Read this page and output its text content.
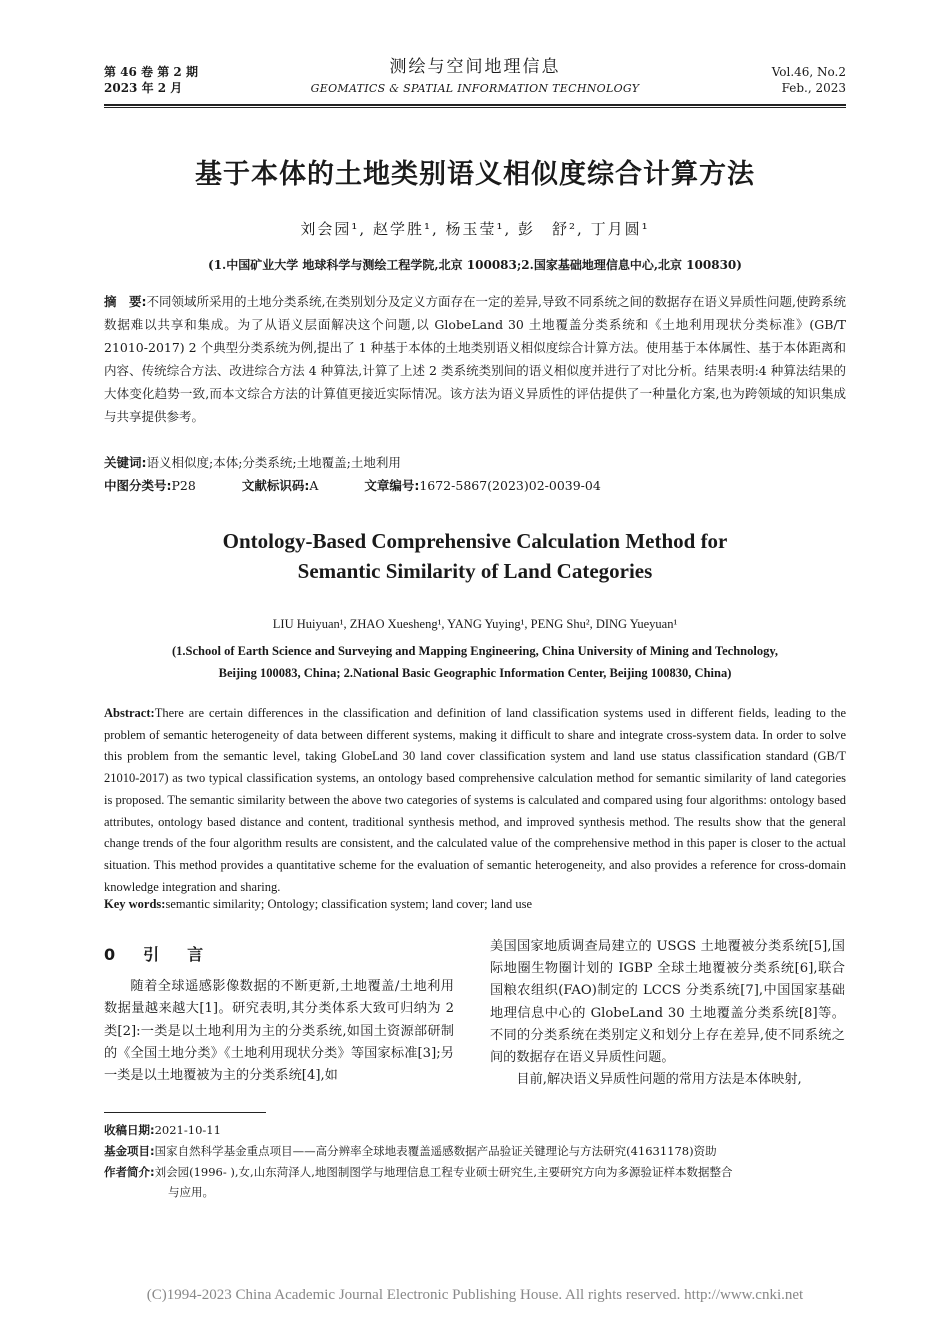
第 46 卷 第 2 期
2023 年 2 月
测绘与空间地理信息
GEOMATICS & SPATIAL INFORMATION TECHNOLOGY
Vol.46, No.2
Feb., 2023
基于本体的土地类别语义相似度综合计算方法
刘会园¹, 赵学胜¹, 杨玉莹¹, 彭　舒², 丁月圆¹
(1.中国矿业大学 地球科学与测绘工程学院,北京 100083;2.国家基础地理信息中心,北京 100830)
摘　要:不同领域所采用的土地分类系统,在类别划分及定义方面存在一定的差异,导致不同系统之间的数据存在语义异质性问题,使跨系统数据难以共享和集成。为了从语义层面解决这个问题,以 GlobeLand 30 土地覆盖分类系统和《土地利用现状分类标准》(GB/T 21010-2017) 2 个典型分类系统为例,提出了 1 种基于本体的土地类别语义相似度综合计算方法。使用基于本体属性、基于本体距离和内容、传统综合方法、改进综合方法 4 种算法,计算了上述 2 类系统类别间的语义相似度并进行了对比分析。结果表明:4 种算法结果的大体变化趋势一致,而本文综合方法的计算值更接近实际情况。该方法为语义异质性的评估提供了一种量化方案,也为跨领域的知识集成与共享提供参考。
关键词:语义相似度;本体;分类系统;土地覆盖;土地利用
中图分类号:P28	文献标识码:A	文章编号:1672-5867(2023)02-0039-04
Ontology-Based Comprehensive Calculation Method for
Semantic Similarity of Land Categories
LIU Huiyuan¹, ZHAO Xuesheng¹, YANG Yuying¹, PENG Shu², DING Yueyuan¹
(1.School of Earth Science and Surveying and Mapping Engineering, China University of Mining and Technology,
Beijing 100083, China; 2.National Basic Geographic Information Center, Beijing 100830, China)
Abstract:There are certain differences in the classification and definition of land classification systems used in different fields, leading to the problem of semantic heterogeneity of data between different systems, making it difficult to share and integrate cross-system data. In order to solve this problem from the semantic level, taking GlobeLand 30 land cover classification system and land use status classification standard (GB/T 21010-2017) as two typical classification systems, an ontology based comprehensive calculation method for semantic similarity of land categories is proposed. The semantic similarity between the above two categories of systems is calculated and compared using four algorithms: ontology based attributes, ontology based distance and content, traditional synthesis method, and improved synthesis method. The results show that the general change trends of the four algorithm results are consistent, and the calculated value of the comprehensive method in this paper is closer to the actual situation. This method provides a quantitative scheme for the evaluation of semantic heterogeneity, and also provides a reference for cross-domain knowledge integration and sharing.
Key words:semantic similarity; Ontology; classification system; land cover; land use
0　引　言
随着全球遥感影像数据的不断更新,土地覆盖/土地利用数据量越来越大[1]。研究表明,其分类体系大致可归纳为 2 类[2]:一类是以土地利用为主的分类系统,如国土资源部研制的《全国土地分类》《土地利用现状分类》等国家标准[3];另一类是以土地覆被为主的分类系统[4],如
美国国家地质调查局建立的 USGS 土地覆被分类系统[5],国际地圈生物圈计划的 IGBP 全球土地覆被分类系统[6],联合国粮农组织(FAO)制定的 LCCS 分类系统[7],中国国家基础地理信息中心的 GlobeLand 30 土地覆盖分类系统[8]等。不同的分类系统在类别定义和划分上存在差异,使不同系统之间的数据存在语义异质性问题。
目前,解决语义异质性问题的常用方法是本体映射,
收稿日期:2021-10-11
基金项目:国家自然科学基金重点项目——高分辨率全球地表覆盖遥感数据产品验证关键理论与方法研究(41631178)资助
作者简介:刘会园(1996- ),女,山东菏泽人,地图制图学与地理信息工程专业硕士研究生,主要研究方向为多源验证样本数据整合
与应用。
(C)1994-2023 China Academic Journal Electronic Publishing House. All rights reserved. http://www.cnki.net
